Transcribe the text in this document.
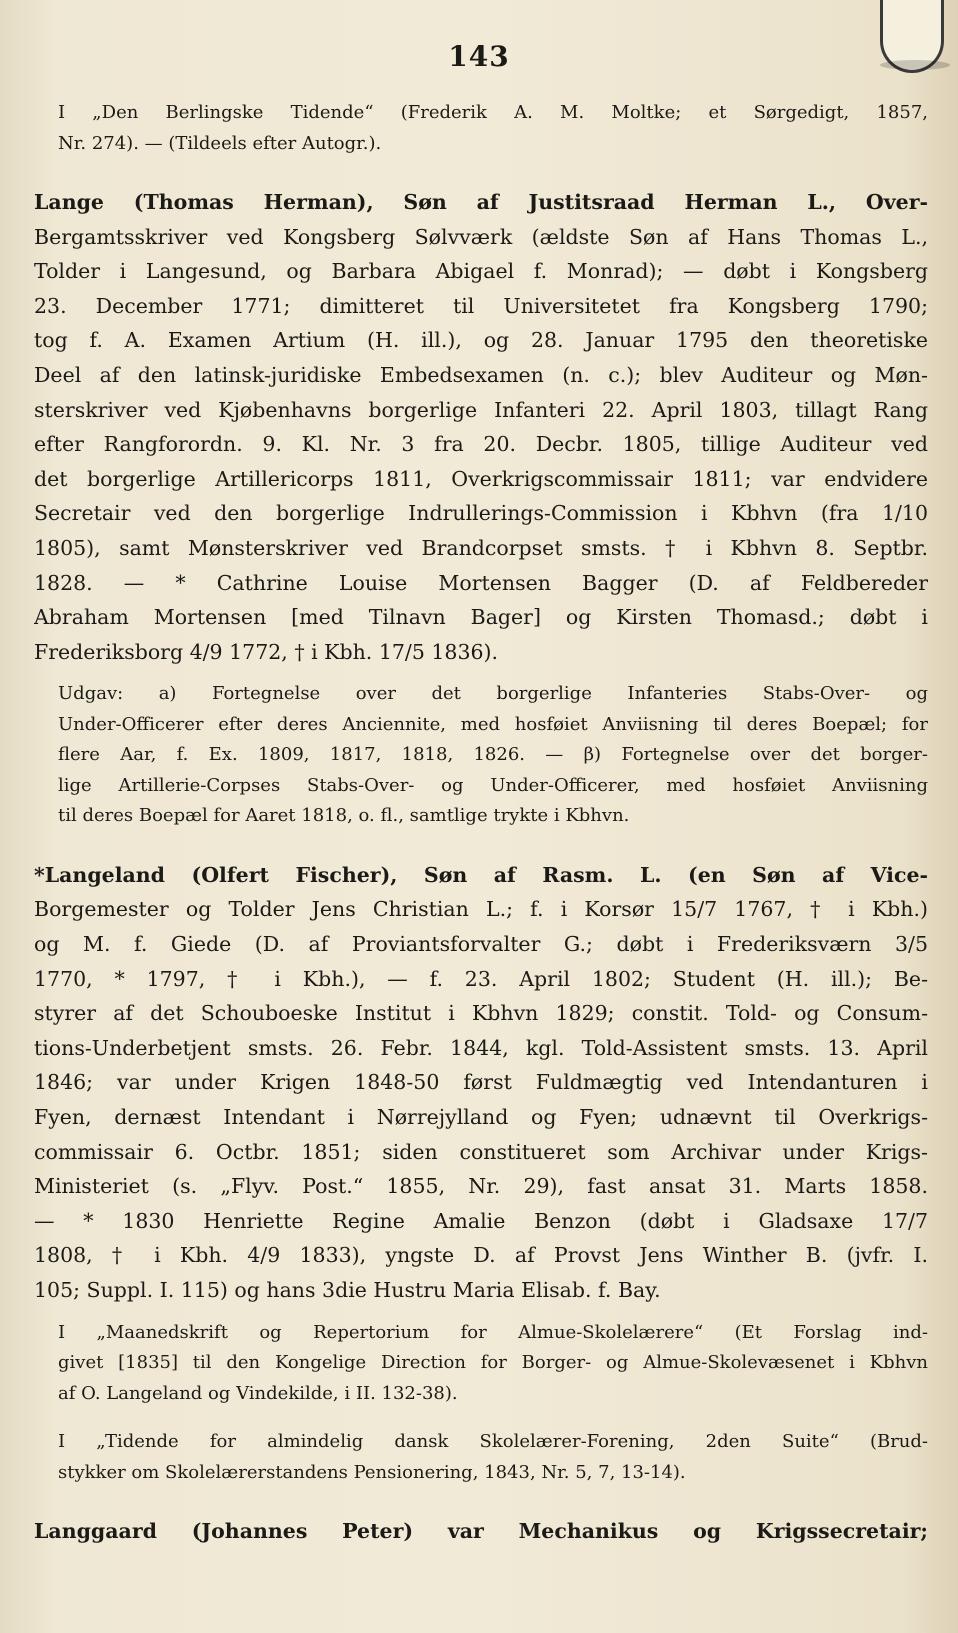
143
I „Den Berlingske Tidende“ (Frederik A. M. Moltke; et Sørgedigt, 1857,
Nr. 274). — (Tildeels efter Autogr.).
Lange (Thomas Herman), Søn af Justitsraad Herman L., Over-
Bergamtsskriver ved Kongsberg Sølvværk (ældste Søn af Hans Thomas L.,
Tolder i Langesund, og Barbara Abigael f. Monrad); — døbt i Kongsberg
23. December 1771; dimitteret til Universitetet fra Kongsberg 1790;
tog f. A. Examen Artium (H. ill.), og 28. Januar 1795 den theoretiske
Deel af den latinsk-juridiske Embedsexamen (n. c.); blev Auditeur og Møn-
sterskriver ved Kjøbenhavns borgerlige Infanteri 22. April 1803, tillagt Rang
efter Rangforordn. 9. Kl. Nr. 3 fra 20. Decbr. 1805, tillige Auditeur ved
det borgerlige Artillericorps 1811, Overkrigscommissair 1811; var endvidere
Secretair ved den borgerlige Indrullerings-Commission i Kbhvn (fra 1/10
1805), samt Mønsterskriver ved Brandcorpset smsts. † i Kbhvn 8. Septbr.
1828. — * Cathrine Louise Mortensen Bagger (D. af Feldbereder
Abraham Mortensen [med Tilnavn Bager] og Kirsten Thomasd.; døbt i
Frederiksborg 4/9 1772, † i Kbh. 17/5 1836).
Udgav: a) Fortegnelse over det borgerlige Infanteries Stabs-Over- og
Under-Officerer efter deres Anciennite, med hosføiet Anviisning til deres Boepæl; for
flere Aar, f. Ex. 1809, 1817, 1818, 1826. — β) Fortegnelse over det borger-
lige Artillerie-Corpses Stabs-Over- og Under-Officerer, med hosføiet Anviisning
til deres Boepæl for Aaret 1818, o. fl., samtlige trykte i Kbhvn.
*Langeland (Olfert Fischer), Søn af Rasm. L. (en Søn af Vice-
Borgemester og Tolder Jens Christian L.; f. i Korsør 15/7 1767, † i Kbh.)
og M. f. Giede (D. af Proviantsforvalter G.; døbt i Frederiksværn 3/5
1770, * 1797, † i Kbh.), — f. 23. April 1802; Student (H. ill.); Be-
styrer af det Schouboeske Institut i Kbhvn 1829; constit. Told- og Consum-
tions-Underbetjent smsts. 26. Febr. 1844, kgl. Told-Assistent smsts. 13. April
1846; var under Krigen 1848-50 først Fuldmægtig ved Intendanturen i
Fyen, dernæst Intendant i Nørrejylland og Fyen; udnævnt til Overkrigs-
commissair 6. Octbr. 1851; siden constitueret som Archivar under Krigs-
Ministeriet (s. „Flyv. Post.“ 1855, Nr. 29), fast ansat 31. Marts 1858.
— * 1830 Henriette Regine Amalie Benzon (døbt i Gladsaxe 17/7
1808, † i Kbh. 4/9 1833), yngste D. af Provst Jens Winther B. (jvfr. I.
105; Suppl. I. 115) og hans 3die Hustru Maria Elisab. f. Bay.
I „Maanedskrift og Repertorium for Almue-Skolelærere“ (Et Forslag ind-
givet [1835] til den Kongelige Direction for Borger- og Almue-Skolevæsenet i Kbhvn
af O. Langeland og Vindekilde, i II. 132-38).
I „Tidende for almindelig dansk Skolelærer-Forening, 2den Suite“ (Brud-
stykker om Skolelærerstandens Pensionering, 1843, Nr. 5, 7, 13-14).
Langgaard (Johannes Peter) var Mechanikus og Krigssecretair;
